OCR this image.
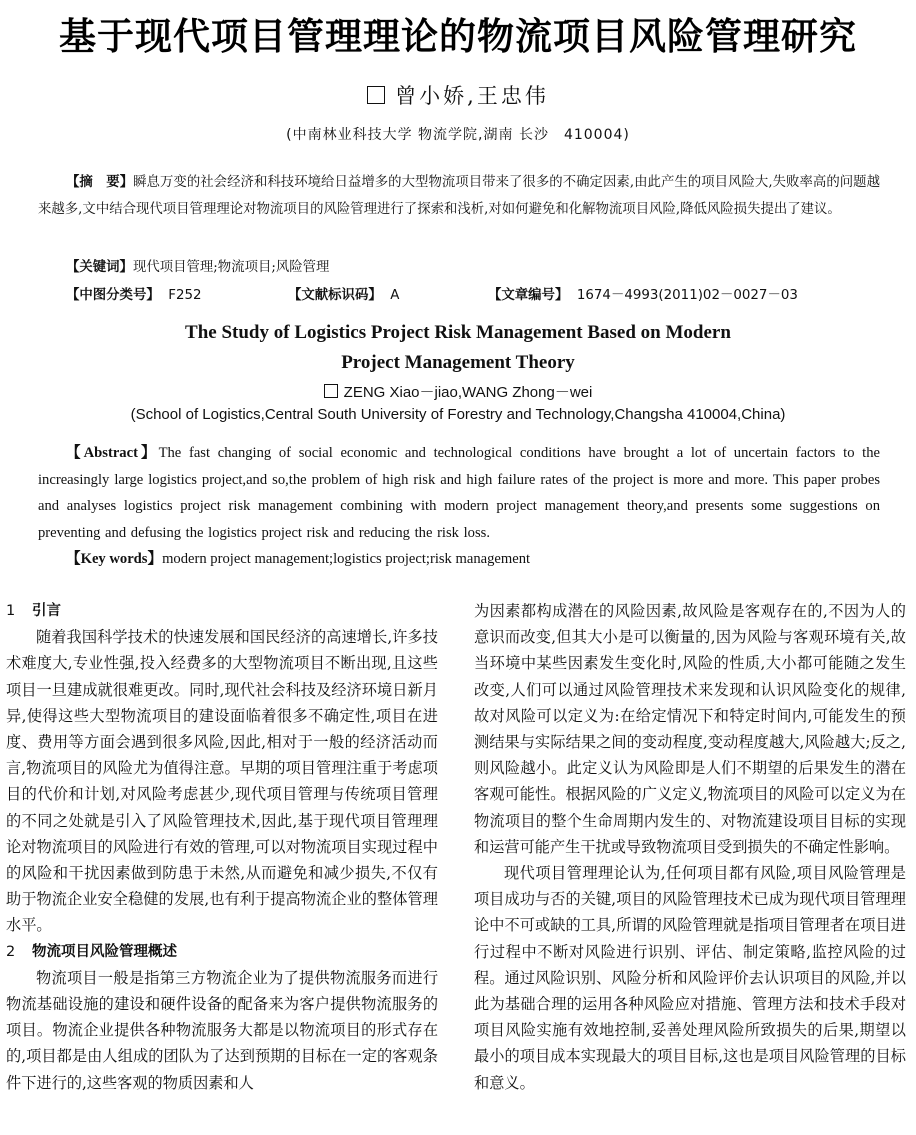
基于现代项目管理理论的物流项目风险管理研究
曾小娇,王忠伟
(中南林业科技大学 物流学院,湖南 长沙　410004)
【摘　要】瞬息万变的社会经济和科技环境给日益增多的大型物流项目带来了很多的不确定因素,由此产生的项目风险大,失败率高的问题越来越多,文中结合现代项目管理理论对物流项目的风险管理进行了探索和浅析,对如何避免和化解物流项目风险,降低风险损失提出了建议。
【关键词】现代项目管理;物流项目;风险管理
【中图分类号】 F252	【文献标识码】 A	【文章编号】 1674－4993(2011)02－0027－03
The Study of Logistics Project Risk Management Based on Modern
Project Management Theory
ZENG Xiao－jiao,WANG Zhong－wei
(School of Logistics,Central South University of Forestry and Technology,Changsha 410004,China)
【Abstract】The fast changing of social economic and technological conditions have brought a lot of uncertain factors to the increasingly large logistics project,and so,the problem of high risk and high failure rates of the project is more and more. This paper probes and analyses logistics project risk management combining with modern project management theory,and presents some suggestions on preventing and defusing the logistics project risk and reducing the risk loss.
【Key words】modern project management;logistics project;risk management

1 引言

随着我国科学技术的快速发展和国民经济的高速增长,许多技术难度大,专业性强,投入经费多的大型物流项目不断出现,且这些项目一旦建成就很难更改。同时,现代社会科技及经济环境日新月异,使得这些大型物流项目的建设面临着很多不确定性,项目在进度、费用等方面会遇到很多风险,因此,相对于一般的经济活动而言,物流项目的风险尤为值得注意。早期的项目管理注重于考虑项目的代价和计划,对风险考虑甚少,现代项目管理与传统项目管理的不同之处就是引入了风险管理技术,因此,基于现代项目管理理论对物流项目的风险进行有效的管理,可以对物流项目实现过程中的风险和干扰因素做到防患于未然,从而避免和减少损失,不仅有助于物流企业安全稳健的发展,也有利于提高物流企业的整体管理水平。

2 物流项目风险管理概述

物流项目一般是指第三方物流企业为了提供物流服务而进行物流基础设施的建设和硬件设备的配备来为客户提供物流服务的项目。物流企业提供各种物流服务大都是以物流项目的形式存在的,项目都是由人组成的团队为了达到预期的目标在一定的客观条件下进行的,这些客观的物质因素和人

为因素都构成潜在的风险因素,故风险是客观存在的,不因为人的意识而改变,但其大小是可以衡量的,因为风险与客观环境有关,故当环境中某些因素发生变化时,风险的性质,大小都可能随之发生改变,人们可以通过风险管理技术来发现和认识风险变化的规律,故对风险可以定义为:在给定情况下和特定时间内,可能发生的预测结果与实际结果之间的变动程度,变动程度越大,风险越大;反之,则风险越小。此定义认为风险即是人们不期望的后果发生的潜在客观可能性。根据风险的广义定义,物流项目的风险可以定义为在物流项目的整个生命周期内发生的、对物流建设项目目标的实现和运营可能产生干扰或导致物流项目受到损失的不确定性影响。

现代项目管理理论认为,任何项目都有风险,项目风险管理是项目成功与否的关键,项目的风险管理技术已成为现代项目管理理论中不可或缺的工具,所谓的风险管理就是指项目管理者在项目进行过程中不断对风险进行识别、评估、制定策略,监控风险的过程。通过风险识别、风险分析和风险评价去认识项目的风险,并以此为基础合理的运用各种风险应对措施、管理方法和技术手段对项目风险实施有效地控制,妥善处理风险所致损失的后果,期望以最小的项目成本实现最大的项目目标,这也是项目风险管理的目标和意义。
